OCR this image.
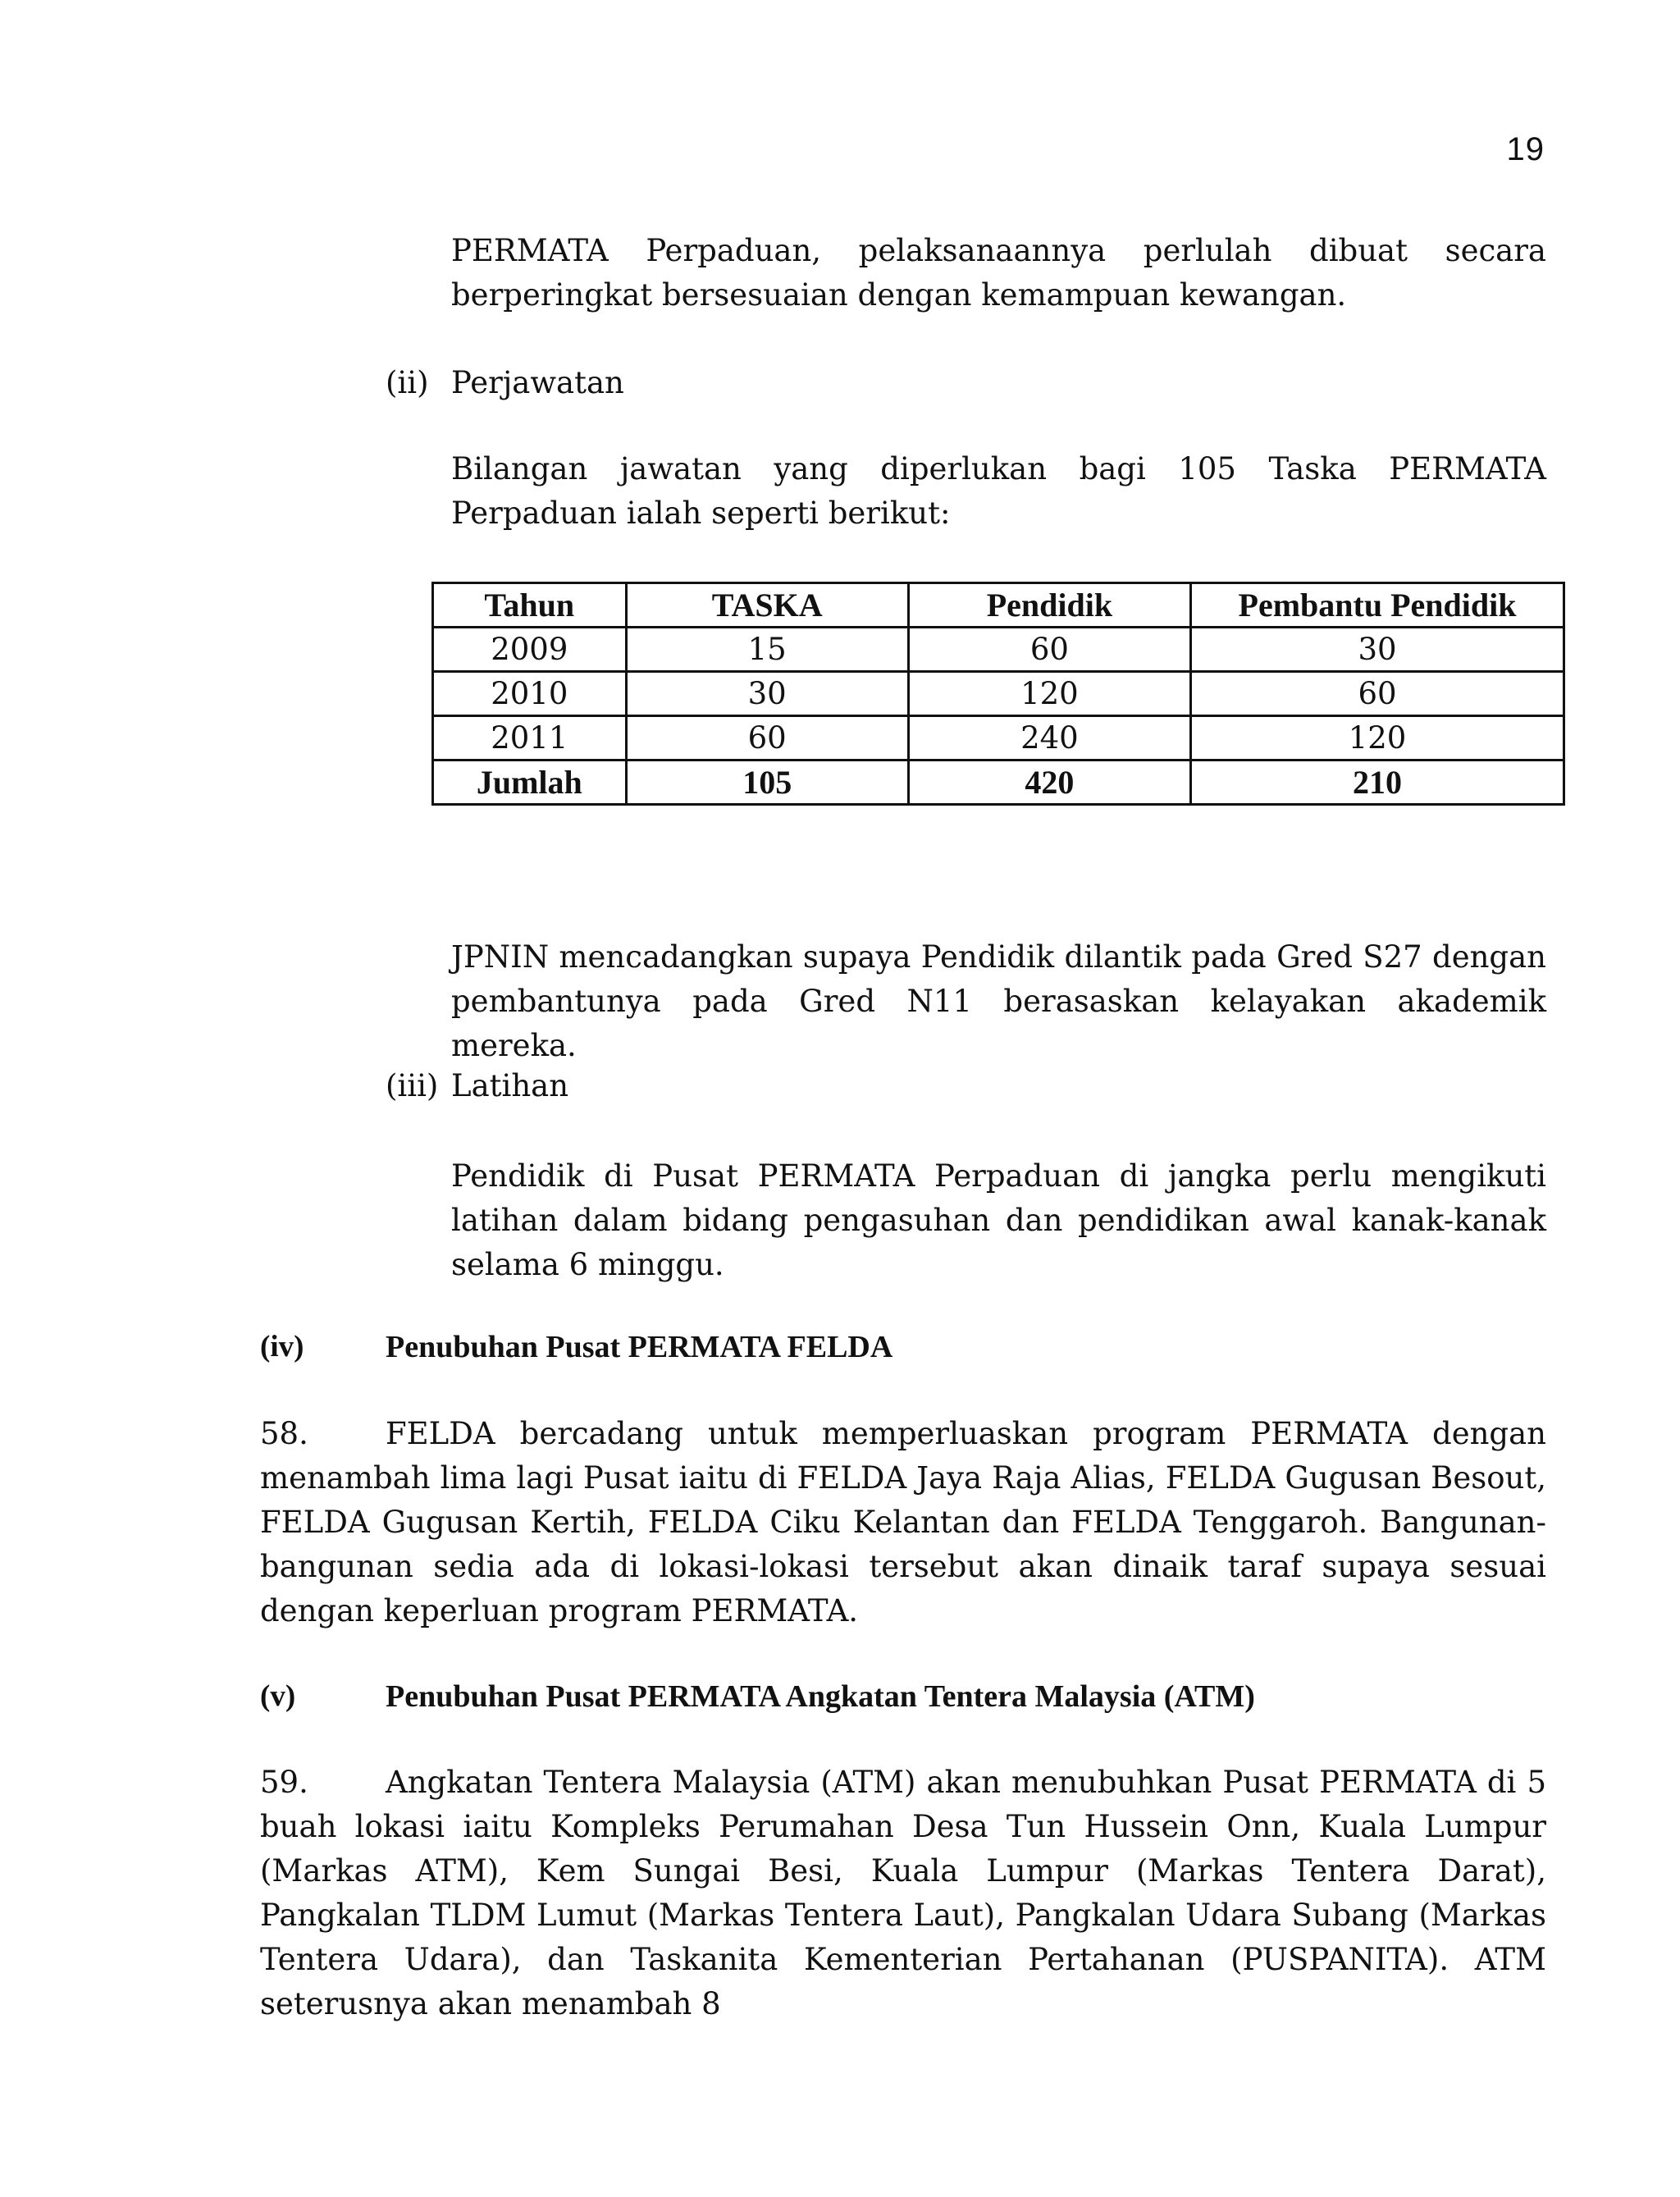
19
PERMATA Perpaduan, pelaksanaannya perlulah dibuat secara
berperingkat bersesuaian dengan kemampuan kewangan.
(ii) Perjawatan
Bilangan jawatan yang diperlukan bagi 105 Taska PERMATA Perpaduan ialah seperti berikut:
Tahun	TASKA	Pendidik	Pembantu Pendidik
2009	15	60	30
2010	30	120	60
2011	60	240	120
Jumlah	105	420	210
JPNIN mencadangkan supaya Pendidik dilantik pada Gred S27 dengan pembantunya pada Gred N11 berasaskan kelayakan akademik mereka.
(iii) Latihan
Pendidik di Pusat PERMATA Perpaduan di jangka perlu mengikuti latihan dalam bidang pengasuhan dan pendidikan awal kanak-kanak selama 6 minggu.
(iv)	Penubuhan Pusat PERMATA FELDA
58.	FELDA bercadang untuk memperluaskan program PERMATA dengan menambah lima lagi Pusat iaitu di FELDA Jaya Raja Alias, FELDA Gugusan Besout, FELDA Gugusan Kertih, FELDA Ciku Kelantan dan FELDA Tenggaroh. Bangunan-bangunan sedia ada di lokasi-lokasi tersebut akan dinaik taraf supaya sesuai dengan keperluan program PERMATA.
(v)	Penubuhan Pusat PERMATA Angkatan Tentera Malaysia (ATM)
59.	Angkatan Tentera Malaysia (ATM) akan menubuhkan Pusat PERMATA di 5 buah lokasi iaitu Kompleks Perumahan Desa Tun Hussein Onn, Kuala Lumpur (Markas ATM), Kem Sungai Besi, Kuala Lumpur (Markas Tentera Darat), Pangkalan TLDM Lumut (Markas Tentera Laut), Pangkalan Udara Subang (Markas Tentera Udara), dan Taskanita Kementerian Pertahanan (PUSPANITA). ATM seterusnya akan menambah 8
